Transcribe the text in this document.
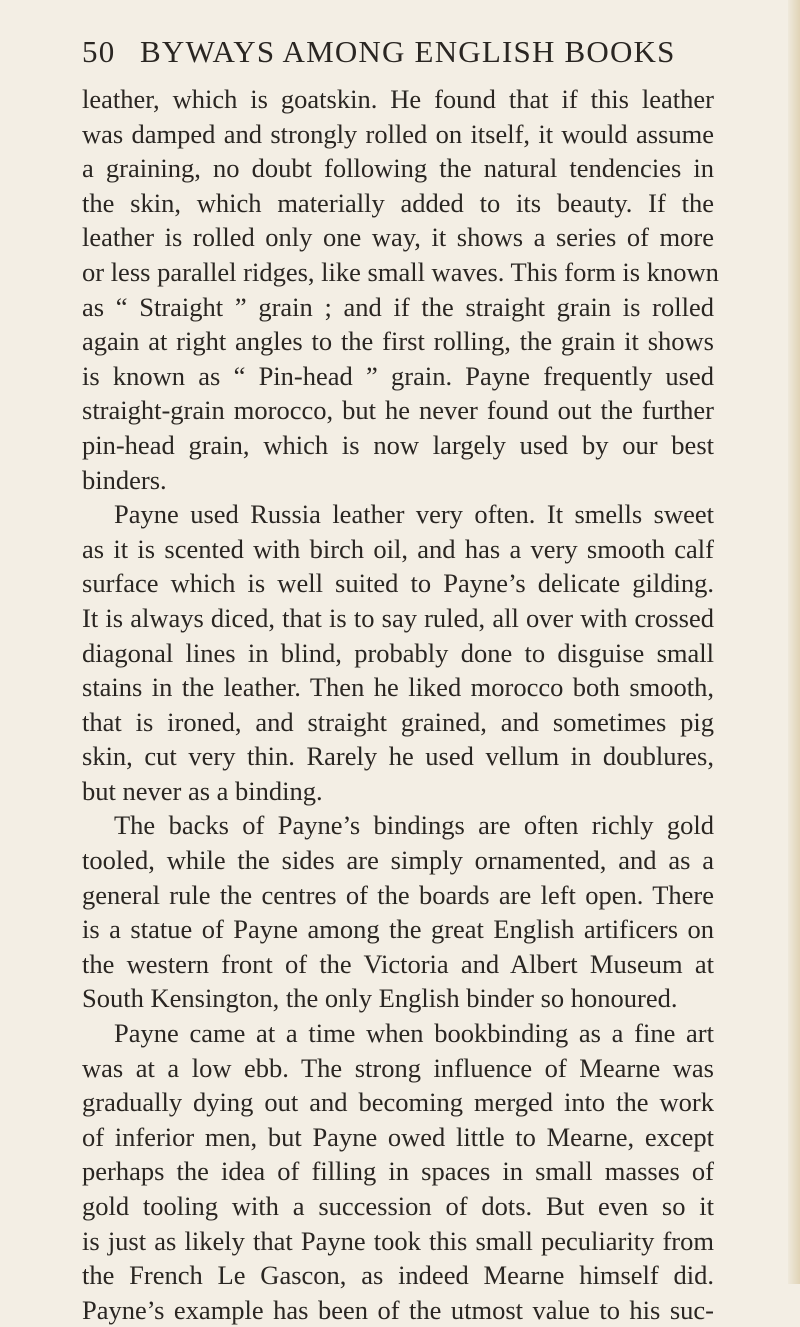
50 BYWAYS AMONG ENGLISH BOOKS
leather, which is goatskin. He found that if this leather
was damped and strongly rolled on itself, it would assume
a graining, no doubt following the natural tendencies in
the skin, which materially added to its beauty. If the
leather is rolled only one way, it shows a series of more
or less parallel ridges, like small waves. This form is known
as “ Straight ” grain ; and if the straight grain is rolled
again at right angles to the first rolling, the grain it shows
is known as “ Pin-head ” grain. Payne frequently used
straight-grain morocco, but he never found out the further
pin-head grain, which is now largely used by our best
binders.
Payne used Russia leather very often. It smells sweet
as it is scented with birch oil, and has a very smooth calf
surface which is well suited to Payne’s delicate gilding.
It is always diced, that is to say ruled, all over with crossed
diagonal lines in blind, probably done to disguise small
stains in the leather. Then he liked morocco both smooth,
that is ironed, and straight grained, and sometimes pig
skin, cut very thin. Rarely he used vellum in doublures,
but never as a binding.
The backs of Payne’s bindings are often richly gold
tooled, while the sides are simply ornamented, and as a
general rule the centres of the boards are left open. There
is a statue of Payne among the great English artificers on
the western front of the Victoria and Albert Museum at
South Kensington, the only English binder so honoured.
Payne came at a time when bookbinding as a fine art
was at a low ebb. The strong influence of Mearne was
gradually dying out and becoming merged into the work
of inferior men, but Payne owed little to Mearne, except
perhaps the idea of filling in spaces in small masses of
gold tooling with a succession of dots. But even so it
is just as likely that Payne took this small peculiarity from
the French Le Gascon, as indeed Mearne himself did.
Payne’s example has been of the utmost value to his suc-
